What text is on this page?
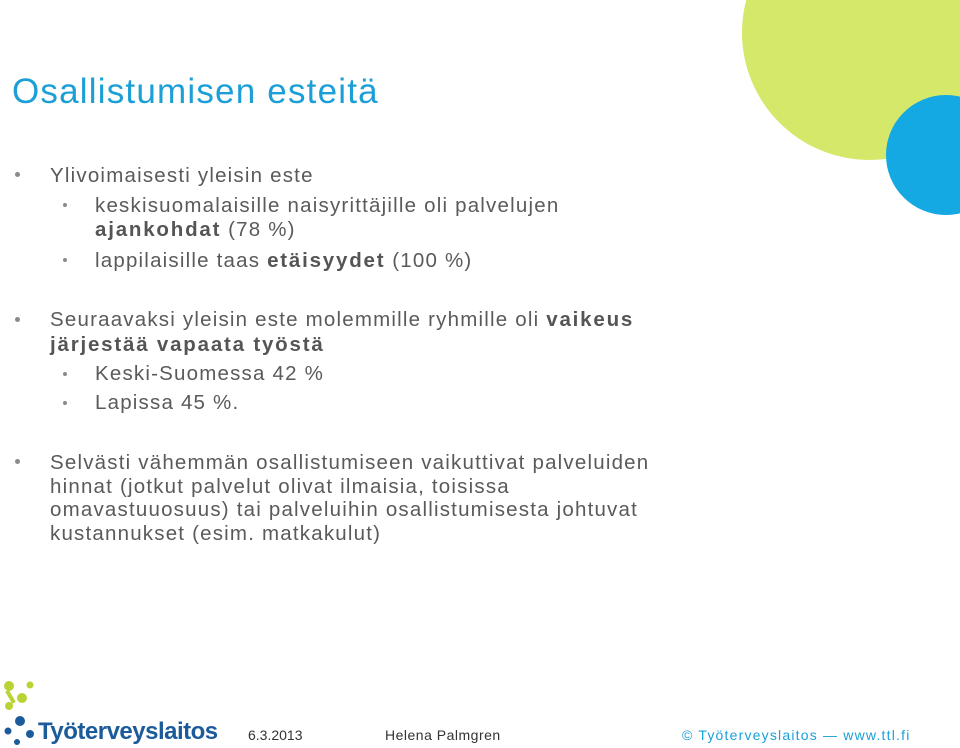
Osallistumisen esteitä

Ylivoimaisesti yleisin este

keskisuomalaisille naisyrittäjille oli palvelujen

ajankohdat (78 %)

lappilaisille taas etäisyydet (100 %)

Seuraavaksi yleisin este molemmille ryhmille oli vaikeus

järjestää vapaata työstä

Keski-Suomessa 42 %

Lapissa 45 %.

Selvästi vähemmän osallistumiseen vaikuttivat palveluiden

hinnat (jotkut palvelut olivat ilmaisia, toisissa

omavastuuosuus) tai palveluihin osallistumisesta johtuvat

kustannukset (esim. matkakulut)

Työterveyslaitos 6.3.2013	Helena Palmgren	© Työterveyslaitos — www.ttl.fi
